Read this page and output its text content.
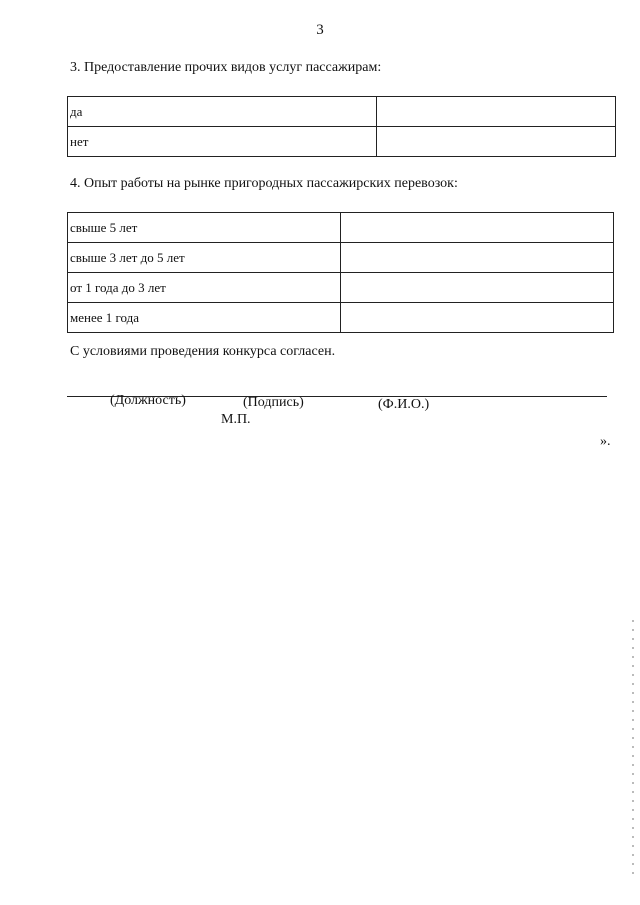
3
3. Предоставление прочих видов услуг пассажирам:
да	
нет	
4. Опыт работы на рынке пригородных пассажирских перевозок:
свыше 5 лет	
свыше 3 лет до 5 лет	
от 1 года до 3 лет	
менее 1 года	
С условиями проведения конкурса согласен.
(Должность)	(Подпись)	(Ф.И.О.)
М.П.
».
